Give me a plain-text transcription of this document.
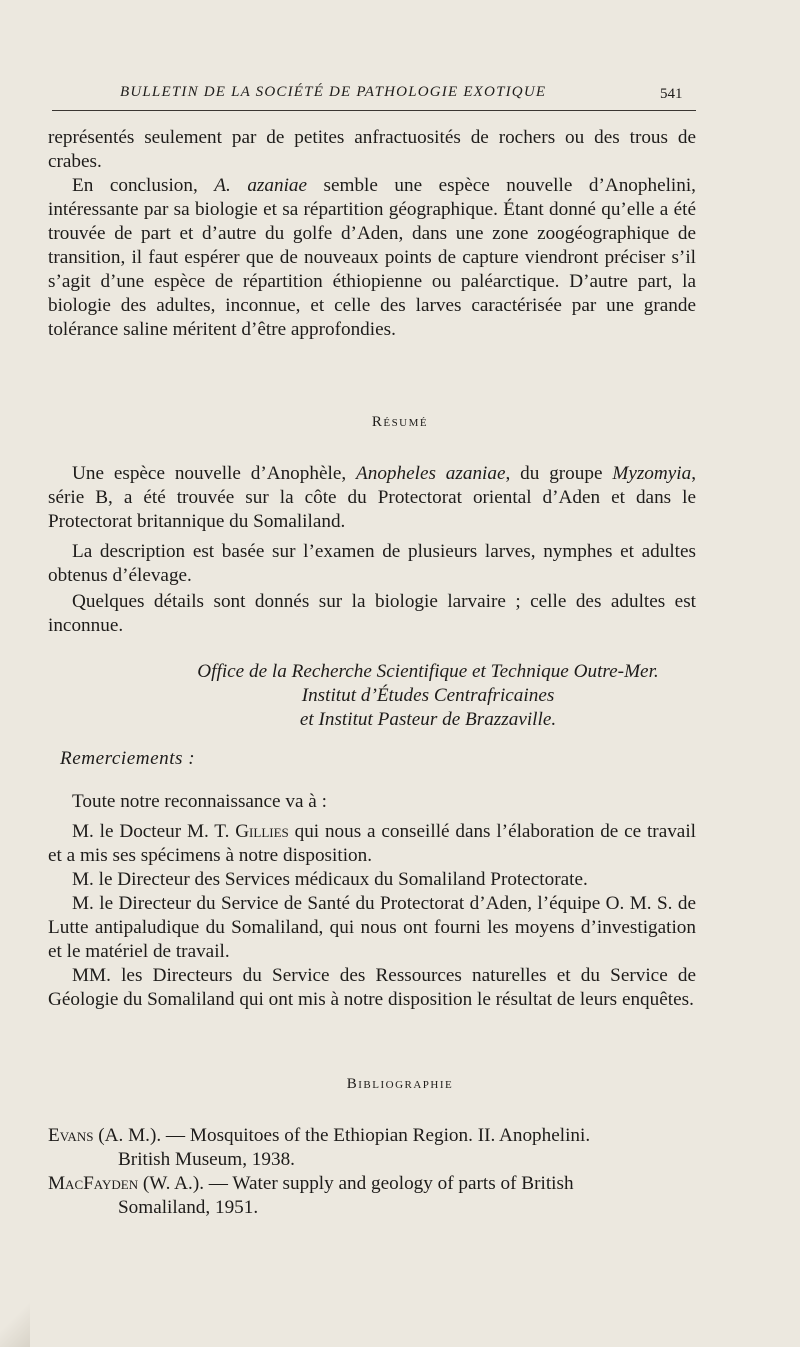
BULLETIN DE LA SOCIÉTÉ DE PATHOLOGIE EXOTIQUE	541
représentés seulement par de petites anfractuosités de rochers ou des trous de crabes.
En conclusion, A. azaniae semble une espèce nouvelle d’Anophelini, intéressante par sa biologie et sa répartition géographique. Étant donné qu’elle a été trouvée de part et d’autre du golfe d’Aden, dans une zone zoogéographique de transition, il faut espérer que de nouveaux points de capture viendront préciser s’il s’agit d’une espèce de répartition éthiopienne ou paléarctique. D’autre part, la biologie des adultes, inconnue, et celle des larves caractérisée par une grande tolérance saline méritent d’être approfondies.
Résumé
Une espèce nouvelle d’Anophèle, Anopheles azaniae, du groupe Myzomyia, série B, a été trouvée sur la côte du Protectorat oriental d’Aden et dans le Protectorat britannique du Somaliland.
La description est basée sur l’examen de plusieurs larves, nymphes et adultes obtenus d’élevage.
Quelques détails sont donnés sur la biologie larvaire ; celle des adultes est inconnue.
Office de la Recherche Scientifique et Technique Outre-Mer.
Institut d’Études Centrafricaines
et Institut Pasteur de Brazzaville.
Remerciements :
Toute notre reconnaissance va à :
M. le Docteur M. T. Gillies qui nous a conseillé dans l’élaboration de ce travail et a mis ses spécimens à notre disposition.
M. le Directeur des Services médicaux du Somaliland Protectorate.
M. le Directeur du Service de Santé du Protectorat d’Aden, l’équipe O. M. S. de Lutte antipaludique du Somaliland, qui nous ont fourni les moyens d’investigation et le matériel de travail.
MM. les Directeurs du Service des Ressources naturelles et du Service de Géologie du Somaliland qui ont mis à notre disposition le résultat de leurs enquêtes.
Bibliographie
Evans (A. M.). — Mosquitoes of the Ethiopian Region. II. Anophelini.
British Museum, 1938.
MacFayden (W. A.). — Water supply and geology of parts of British
Somaliland, 1951.
